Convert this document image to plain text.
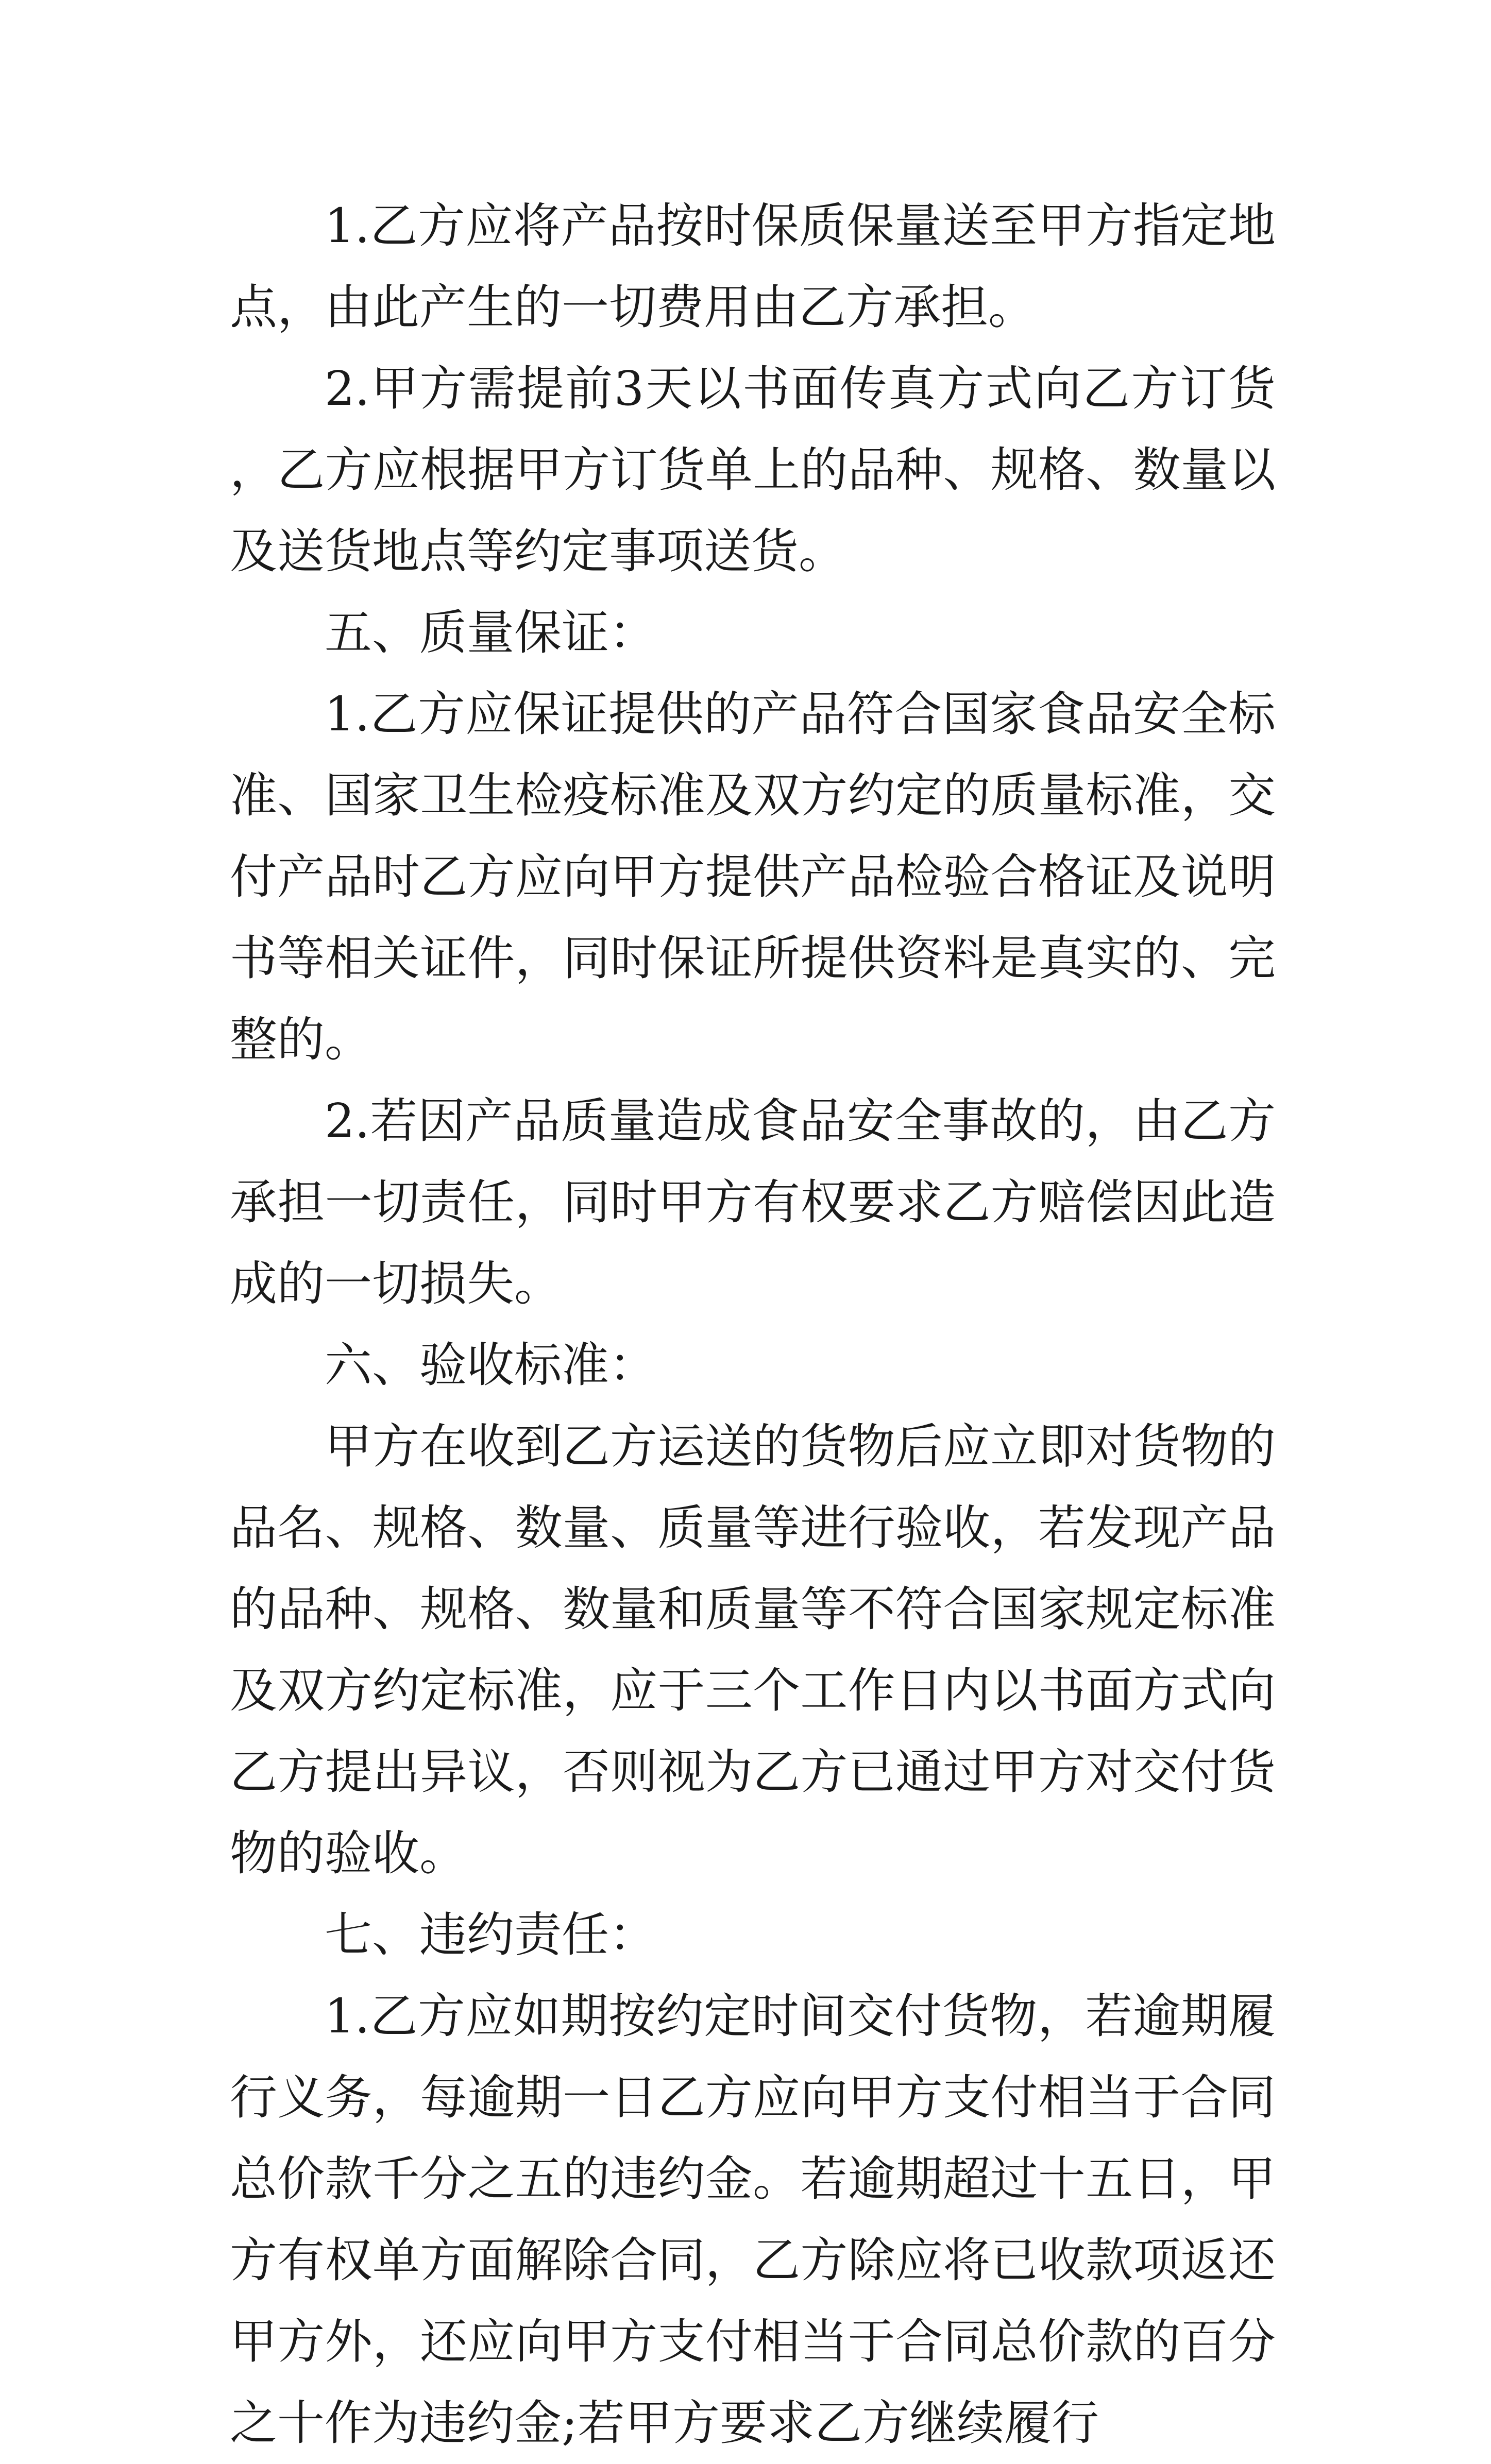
1.乙方应将产品按时保质保量送至甲方指定地点，由此产生的一切费用由乙方承担。

2.甲方需提前3天以书面传真方式向乙方订货，乙方应根据甲方订货单上的品种、规格、数量以及送货地点等约定事项送货。

五、质量保证：

1.乙方应保证提供的产品符合国家食品安全标准、国家卫生检疫标准及双方约定的质量标准，交付产品时乙方应向甲方提供产品检验合格证及说明书等相关证件，同时保证所提供资料是真实的、完整的。

2.若因产品质量造成食品安全事故的，由乙方承担一切责任，同时甲方有权要求乙方赔偿因此造成的一切损失。

六、验收标准：

甲方在收到乙方运送的货物后应立即对货物的品名、规格、数量、质量等进行验收，若发现产品的品种、规格、数量和质量等不符合国家规定标准及双方约定标准，应于三个工作日内以书面方式向乙方提出异议，否则视为乙方已通过甲方对交付货物的验收。

七、违约责任：

1.乙方应如期按约定时间交付货物，若逾期履行义务，每逾期一日乙方应向甲方支付相当于合同总价款千分之五的违约金。若逾期超过十五日，甲方有权单方面解除合同，乙方除应将已收款项返还甲方外，还应向甲方支付相当于合同总价款的百分之十作为违约金;若甲方要求乙方继续履行
